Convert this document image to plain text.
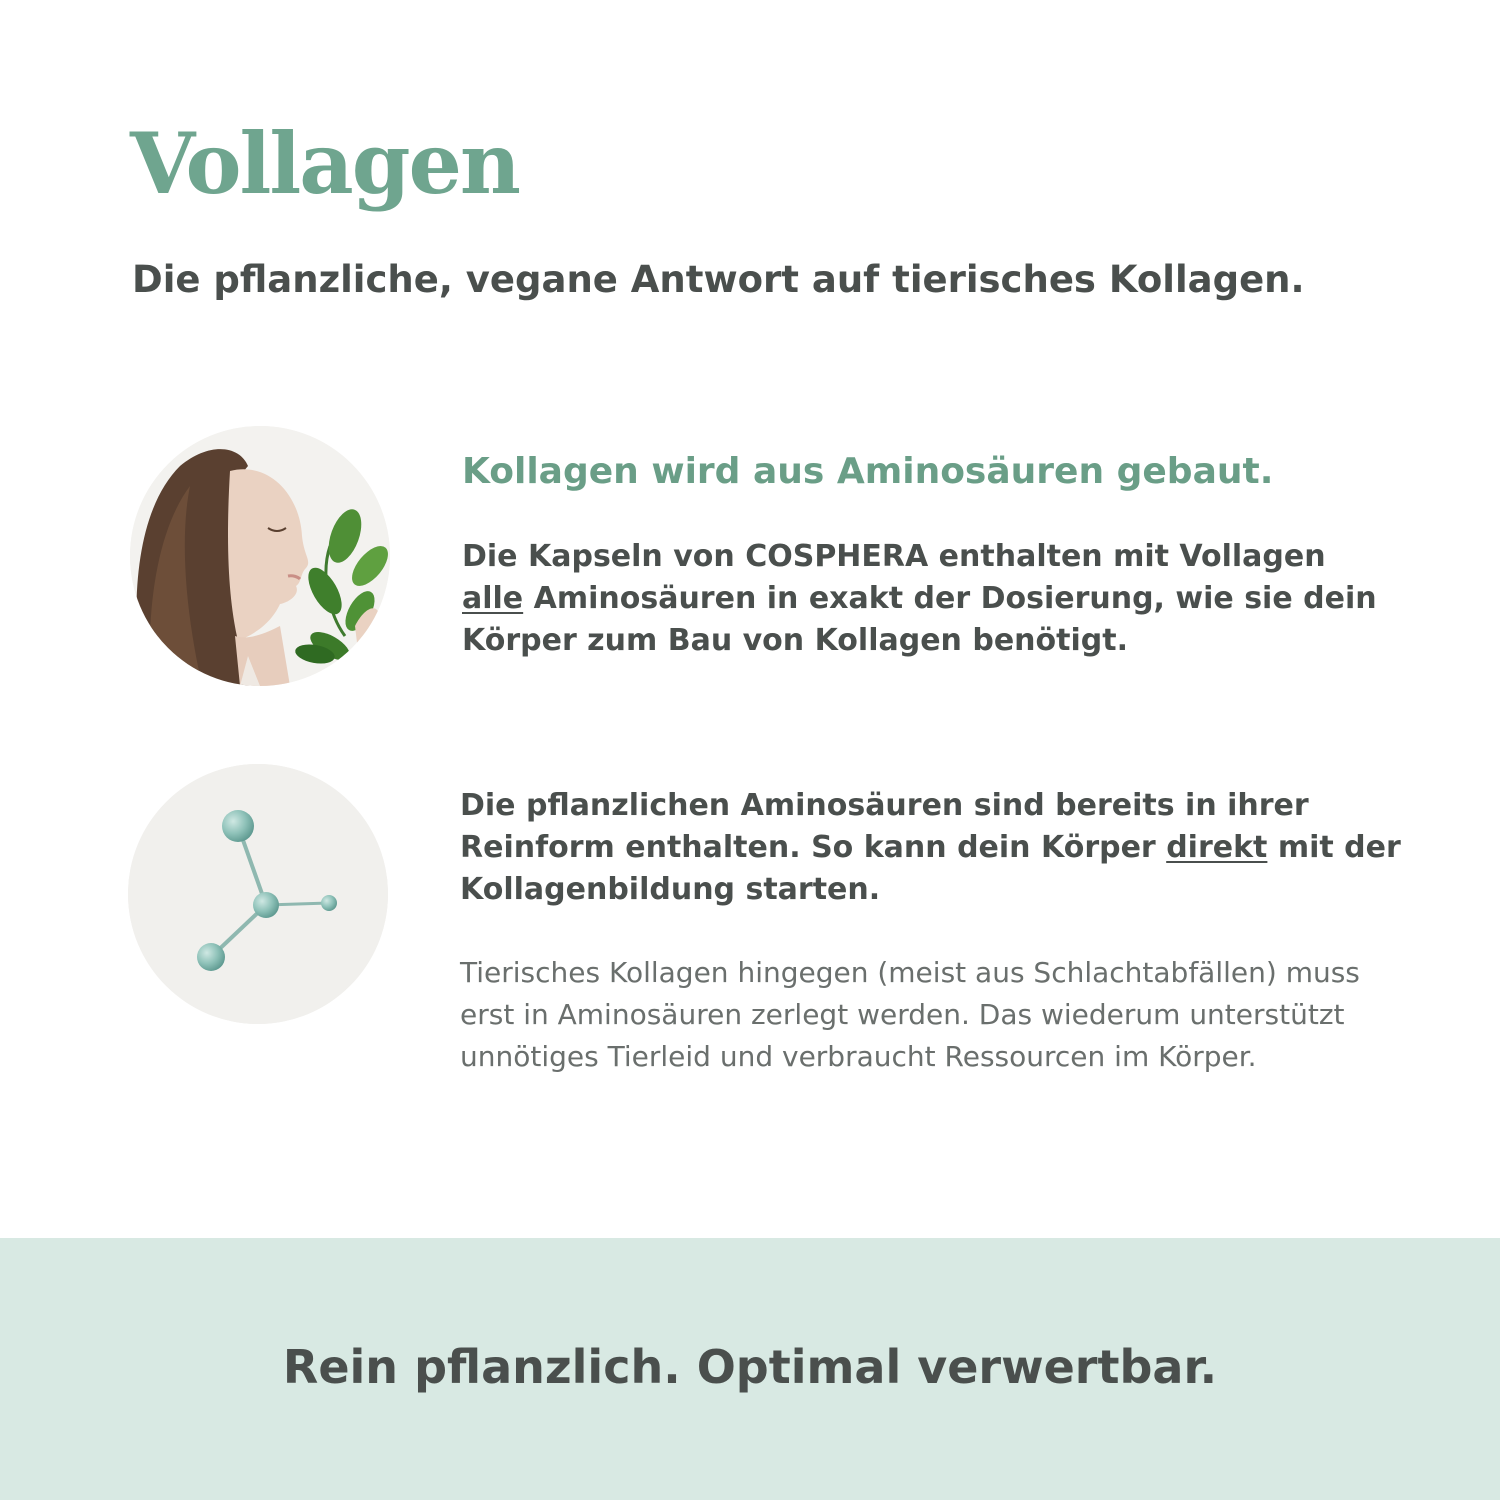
Vollagen
Die pflanzliche, vegane Antwort auf tierisches Kollagen.
Kollagen wird aus Aminosäuren gebaut.
Die Kapseln von COSPHERA enthalten mit Vollagen
alle Aminosäuren in exakt der Dosierung, wie sie dein Körper zum Bau von Kollagen benötigt.
Die pflanzlichen Aminosäuren sind bereits in ihrer Reinform enthalten. So kann dein Körper direkt mit der Kollagenbildung starten.
Tierisches Kollagen hingegen (meist aus Schlachtabfällen) muss erst in Aminosäuren zerlegt werden. Das wiederum unterstützt unnötiges Tierleid und verbraucht Ressourcen im Körper.
Rein pflanzlich. Optimal verwertbar.
